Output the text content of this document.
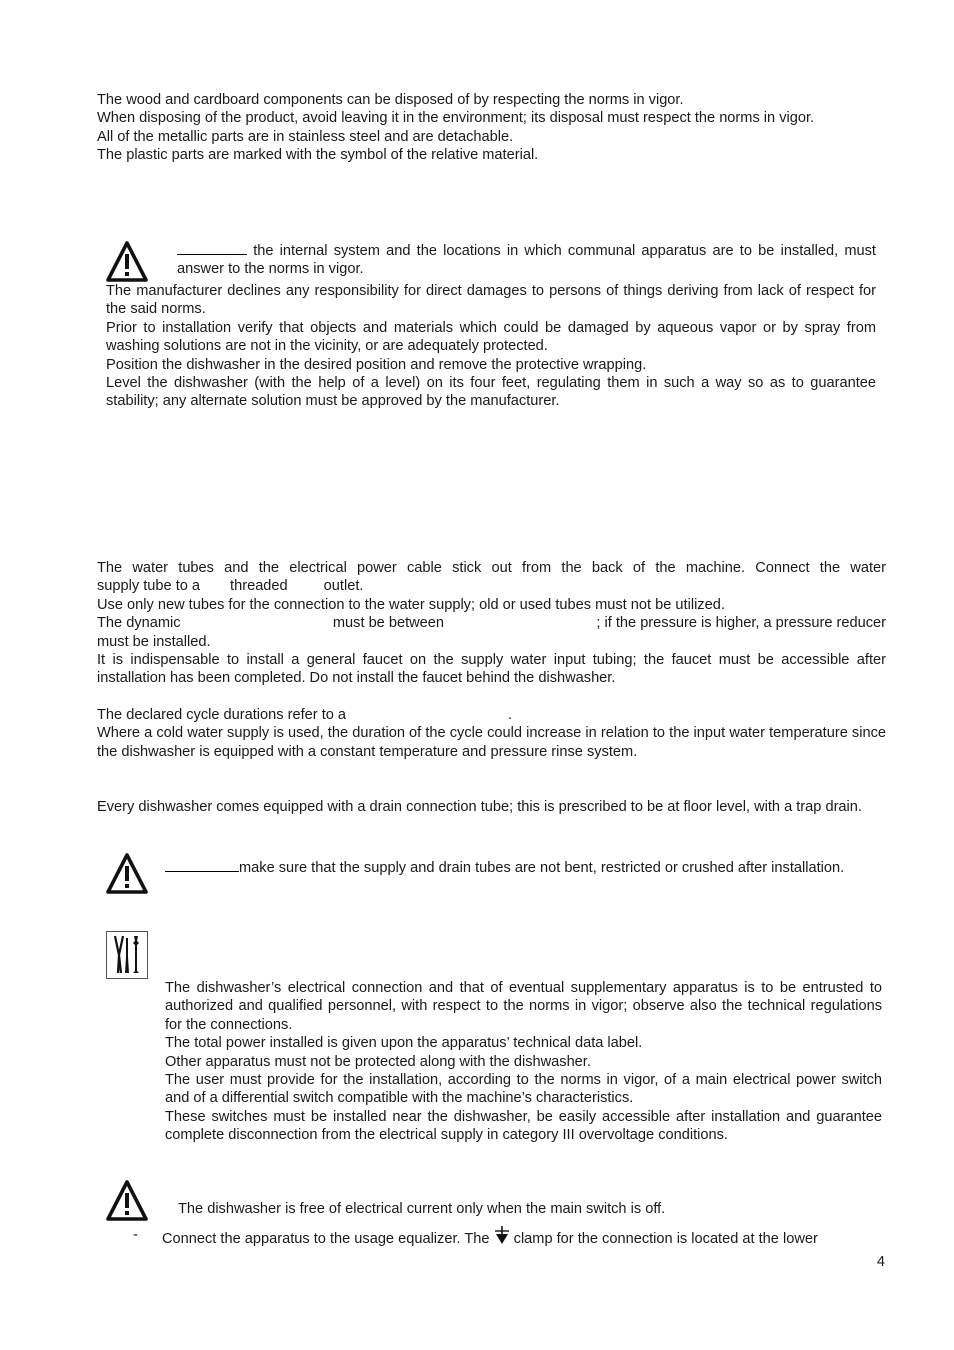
The wood and cardboard components can be disposed of by respecting the norms in vigor.
When disposing of the product, avoid leaving it in the environment; its disposal must respect the norms in vigor.
All of the metallic parts are in stainless steel and are detachable.
The plastic parts are marked with the symbol of the relative material.
the internal system and the locations in which communal apparatus are to be installed, must answer to the norms in vigor.
The manufacturer declines any responsibility for direct damages to persons of things deriving from lack of respect for the said norms.
Prior to installation verify that objects and materials which could be damaged by aqueous vapor or by spray from washing solutions are not in the vicinity, or are adequately protected.
Position the dishwasher in the desired position and remove the protective wrapping.
Level the dishwasher (with the help of a level) on its four feet, regulating them in such a way so as to guarantee stability; any alternate solution must be approved by the manufacturer.
The water tubes and the electrical power cable stick out from the back of the machine. Connect the water
supply tube to a threaded outlet.
Use only new tubes for the connection to the water supply; old or used tubes must not be utilized.
The dynamic	must be between	; if the pressure is higher, a pressure reducer
must be installed.
It is indispensable to install a general faucet on the supply water input tubing; the faucet must be accessible after installation has been completed. Do not install the faucet behind the dishwasher.
The declared cycle durations refer to a	.
Where a cold water supply is used, the duration of the cycle could increase in relation to the input water temperature since the dishwasher is equipped with a constant temperature and pressure rinse system.
Every dishwasher comes equipped with a drain connection tube; this is prescribed to be at floor level, with a trap drain.
make sure that the supply and drain tubes are not bent, restricted or crushed after installation.
The dishwasher’s electrical connection and that of eventual supplementary apparatus is to be entrusted to authorized and qualified personnel, with respect to the norms in vigor; observe also the technical regulations for the connections.
The total power installed is given upon the apparatus’ technical data label.
Other apparatus must not be protected along with the dishwasher.
The user must provide for the installation, according to the norms in vigor, of a main electrical power switch and of a differential switch compatible with the machine’s characteristics.
These switches must be installed near the dishwasher, be easily accessible after installation and guarantee complete disconnection from the electrical supply in category III overvoltage conditions.
The dishwasher is free of electrical current only when the main switch is off.
- Connect the apparatus to the usage equalizer. The clamp for the connection is located at the lower
4
